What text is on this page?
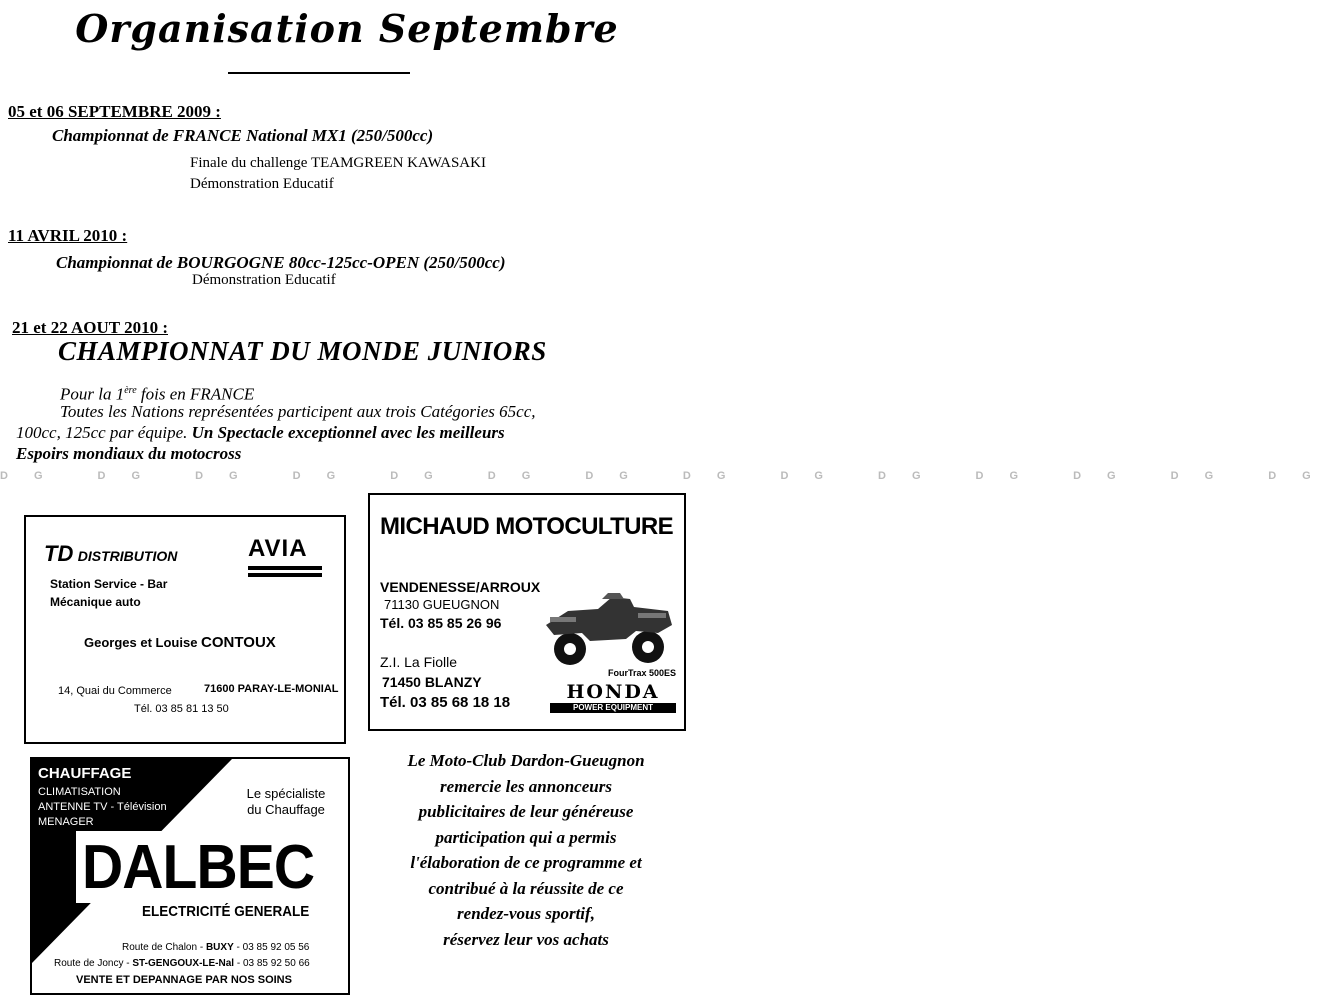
Organisation Septembre
05 et 06 SEPTEMBRE 2009 :
Championnat de FRANCE National MX1 (250/500cc)
Finale du challenge TEAMGREEN KAWASAKI
Démonstration Educatif
11 AVRIL 2010 :
Championnat de BOURGOGNE 80cc-125cc-OPEN (250/500cc)
Démonstration Educatif
21 et 22 AOUT 2010 :
CHAMPIONNAT DU MONDE JUNIORS
Pour la 1ère fois en FRANCE
Toutes les Nations représentées participent aux trois Catégories 65cc,
100cc, 125cc par équipe. Un Spectacle exceptionnel avec les meilleurs
Espoirs mondiaux du motocross
DG DG DG DG DG DG DG DG DG DG DG DG DG DG
TD DISTRIBUTION	AVIA
Station Service - Bar
Mécanique auto
Georges et Louise CONTOUX
14, Quai du Commerce	71600 PARAY-LE-MONIAL
Tél. 03 85 81 13 50
MICHAUD MOTOCULTURE
VENDENESSE/ARROUX
71130 GUEUGNON
Tél. 03 85 85 26 96
Z.I. La Fiolle
71450 BLANZY
Tél. 03 85 68 18 18
FourTrax 500ES
HONDA
POWER EQUIPMENT
CHAUFFAGE
CLIMATISATION
ANTENNE TV - Télévision
MENAGER
Le spécialiste
du Chauffage
DALBEC
ELECTRICITÉ GENERALE
Route de Chalon - BUXY - 03 85 92 05 56
Route de Joncy - ST-GENGOUX-LE-Nal - 03 85 92 50 66
VENTE ET DEPANNAGE PAR NOS SOINS
Le Moto-Club Dardon-Gueugnon
remercie les annonceurs
publicitaires de leur généreuse
participation qui a permis
l'élaboration de ce programme et
contribué à la réussite de ce
rendez-vous sportif,
réservez leur vos achats
